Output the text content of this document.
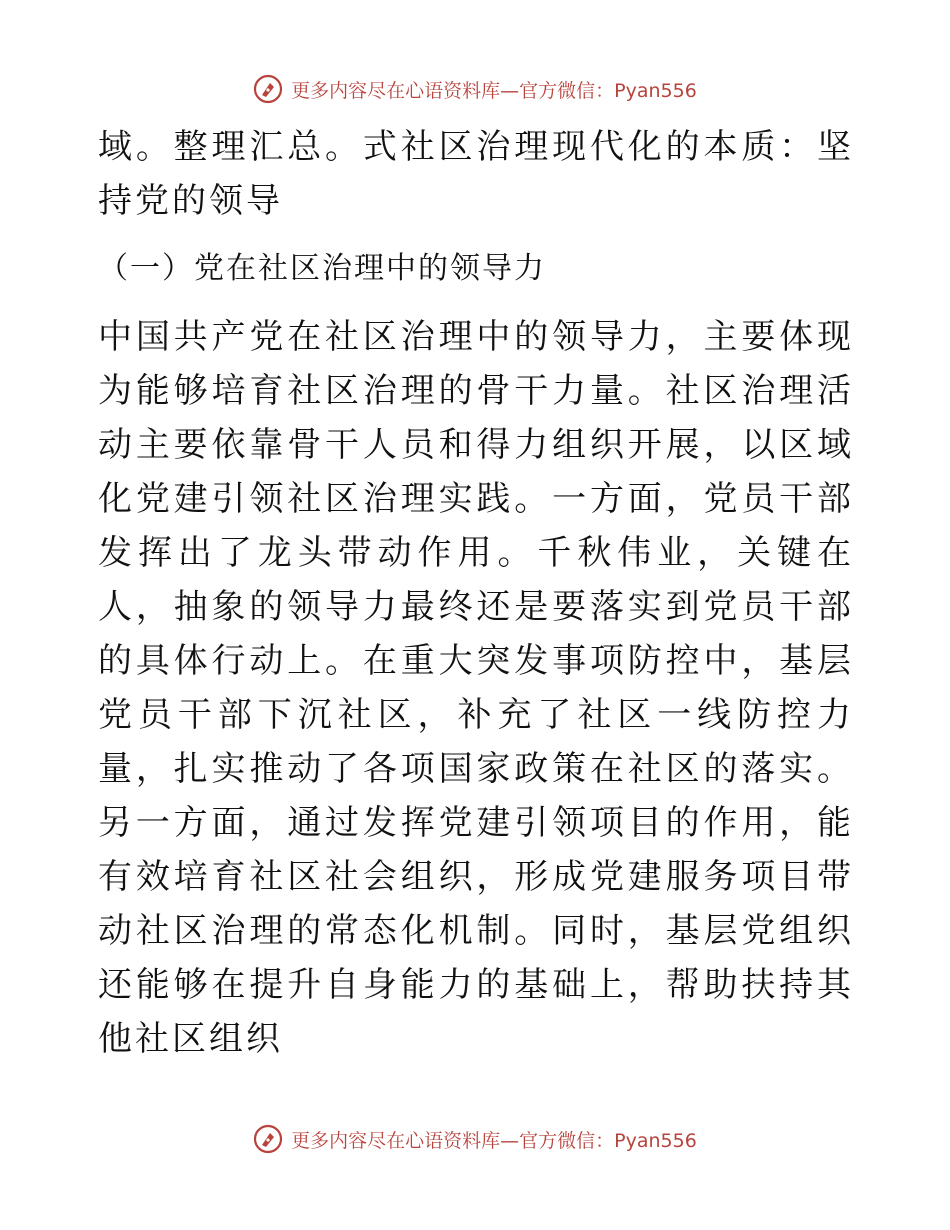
更多内容尽在心语资料库—官方微信：Pyan556

域。整理汇总。式社区治理现代化的本质：坚持党的领导

（一）党在社区治理中的领导力

中国共产党在社区治理中的领导力，主要体现为能够培育社区治理的骨干力量。社区治理活动主要依靠骨干人员和得力组织开展，以区域化党建引领社区治理实践。一方面，党员干部发挥出了龙头带动作用。千秋伟业，关键在人，抽象的领导力最终还是要落实到党员干部的具体行动上。在重大突发事项防控中，基层党员干部下沉社区，补充了社区一线防控力量，扎实推动了各项国家政策在社区的落实。另一方面，通过发挥党建引领项目的作用，能有效培育社区社会组织，形成党建服务项目带动社区治理的常态化机制。同时，基层党组织还能够在提升自身能力的基础上，帮助扶持其他社区组织

更多内容尽在心语资料库—官方微信：Pyan556
